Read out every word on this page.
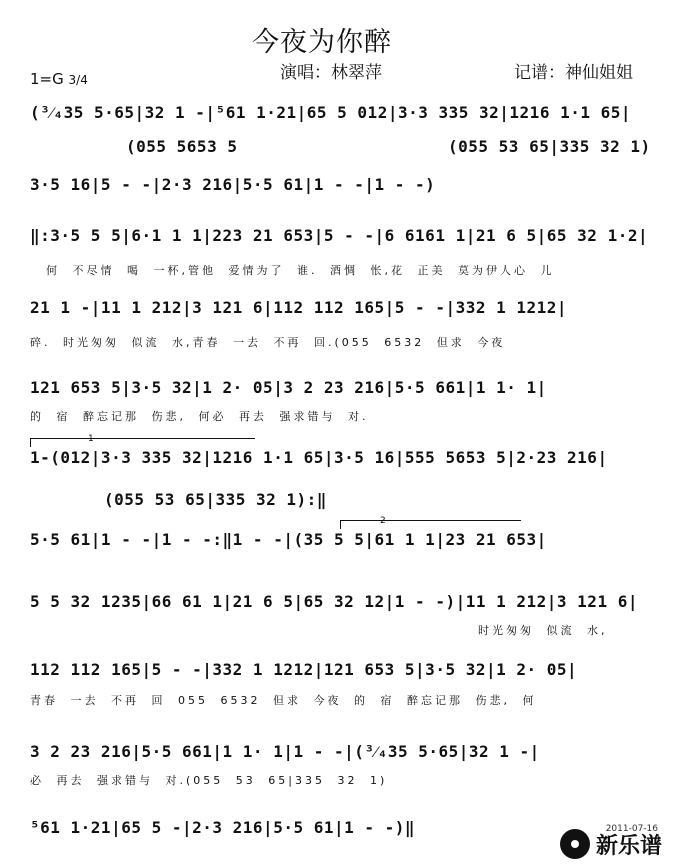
今夜为你醉
演唱：林翠萍	记谱：神仙姐姐
1=G 3/4
(³⁄₄35 5·65|32 1 -|⁵61 1·21|65 5 012|3·3 335 32|1216 1·1 65|
(055 5653 5	(055 53 65|335 32 1)
3·5 16|5 - -|2·3 216|5·5 61|1 - -|1 - -)
‖:3·5 5 5|6·1 1 1|223 21 653|5 - -|6 6161 1|21 6 5|65 32 1·2|
何 不尽情 喝 一杯,管他 爱情为了 谁. 酒惆 怅,花 正美 莫为伊人心 儿
21 1 -|11 1 212|3 121 6|112 112 165|5 - -|332 1 1212|
碎. 时光匆匆 似流 水,青春 一去 不再 回.(055 6532 但求 今夜
121 653 5|3·5 32|1 2· 05|3 2 23 216|5·5 661|1 1· 1|
的 宿 醉忘记那 伤悲, 何必 再去 强求错与 对.
1
1-(012|3·3 335 32|1216 1·1 65|3·5 16|555 5653 5|2·23 216|
(055 53 65|335 32 1):‖
2
5·5 61|1 - -|1 - -:‖1 - -|(35 5 5|61 1 1|23 21 653|
5 5 32 1235|66 61 1|21 6 5|65 32 12|1 - -)|11 1 212|3 121 6|
时光匆匆 似流 水,
112 112 165|5 - -|332 1 1212|121 653 5|3·5 32|1 2· 05|
青春 一去 不再 回 055 6532 但求 今夜 的 宿 醉忘记那 伤悲, 何
3 2 23 216|5·5 661|1 1· 1|1 - -|(³⁄₄35 5·65|32 1 -|
必 再去 强求错与 对.(055 53 65|335 32 1)
⁵61 1·21|65 5 -|2·3 216|5·5 61|1 - -)‖	2011-07-16
新乐谱
